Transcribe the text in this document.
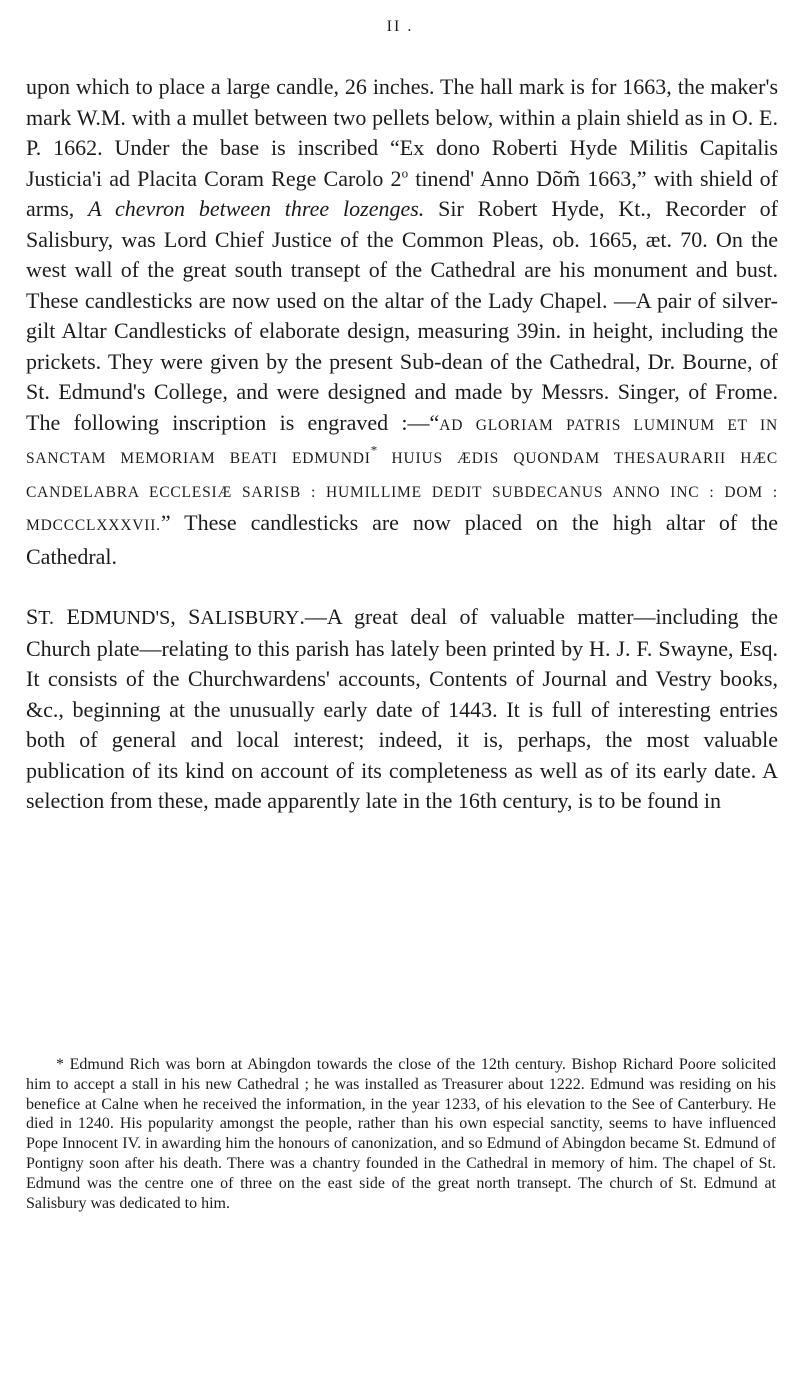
II .

upon which to place a large candle, 26 inches. The hall mark is for 1663, the maker's mark W.M. with a mullet between two pellets below, within a plain shield as in O. E. P. 1662. Under the base is inscribed “Ex dono Roberti Hyde Militis Capitalis Justicia'i ad Placita Coram Rege Carolo 2$^o$ tinend' Anno Dõm̃ 1663,” with shield of arms, A chevron between three lozenges. Sir Robert Hyde, Kt., Recorder of Salisbury, was Lord Chief Justice of the Common Pleas, ob. 1665, æt. 70. On the west wall of the great south transept of the Cathedral are his monument and bust. These candlesticks are now used on the altar of the Lady Chapel. —A pair of silver-gilt Altar Candlesticks of elaborate design, measuring 39in. in height, including the prickets. They were given by the present Sub-dean of the Cathedral, Dr. Bourne, of St. Edmund's College, and were designed and made by Messrs. Singer, of Frome. The following inscription is engraved :—“AD GLORIAM PATRIS LUMINUM ET IN SANCTAM MEMORIAM BEATI EDMUNDI* HUIUS ÆDIS QUONDAM THESAURARII HÆC CANDELABRA ECCLESIÆ SARISB : HUMILLIME DEDIT SUBDECANUS ANNO INC : DOM : MDCCCLXXXVII.” These candlesticks are now placed on the high altar of the Cathedral.

ST. EDMUND'S, SALISBURY.—A great deal of valuable matter—including the Church plate—relating to this parish has lately been printed by H. J. F. Swayne, Esq. It consists of the Churchwardens' accounts, Contents of Journal and Vestry books, &c., beginning at the unusually early date of 1443. It is full of interesting entries both of general and local interest; indeed, it is, perhaps, the most valuable publication of its kind on account of its completeness as well as of its early date. A selection from these, made apparently late in the 16th century, is to be found in

* Edmund Rich was born at Abingdon towards the close of the 12th century. Bishop Richard Poore solicited him to accept a stall in his new Cathedral ; he was installed as Treasurer about 1222. Edmund was residing on his benefice at Calne when he received the information, in the year 1233, of his elevation to the See of Canterbury. He died in 1240. His popularity amongst the people, rather than his own especial sanctity, seems to have influenced Pope Innocent IV. in awarding him the honours of canonization, and so Edmund of Abingdon became St. Edmund of Pontigny soon after his death. There was a chantry founded in the Cathedral in memory of him. The chapel of St. Edmund was the centre one of three on the east side of the great north transept. The church of St. Edmund at Salisbury was dedicated to him.
